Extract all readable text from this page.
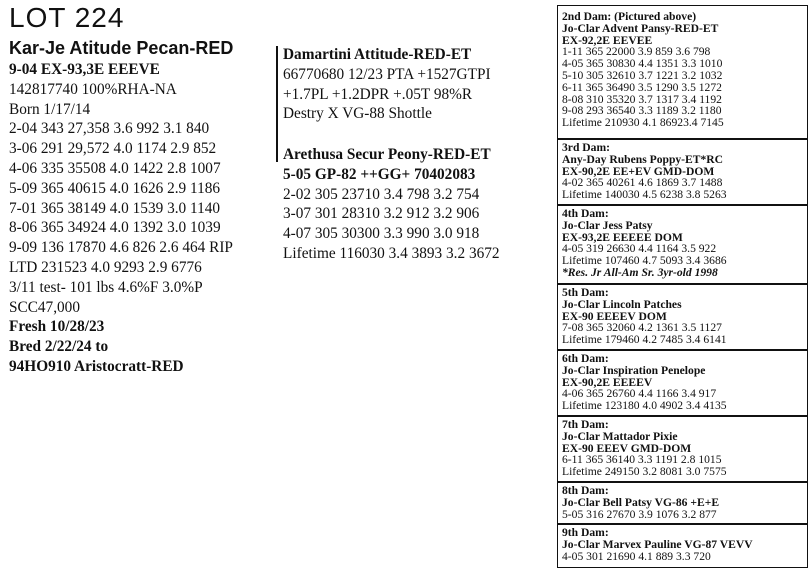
LOT 224
Kar-Je Atitude Pecan-RED
9-04 EX-93,3E EEEVE
142817740 100%RHA-NA
Born 1/17/14
2-04 343 27,358 3.6 992 3.1 840
3-06 291 29,572 4.0 1174 2.9 852
4-06 335 35508 4.0 1422 2.8 1007
5-09 365 40615 4.0 1626 2.9 1186
7-01 365 38149 4.0 1539 3.0 1140
8-06 365 34924 4.0 1392 3.0 1039
9-09 136 17870 4.6 826 2.6 464 RIP
LTD 231523 4.0 9293 2.9 6776
3/11 test- 101 lbs 4.6%F 3.0%P
SCC47,000
Fresh 10/28/23
Bred 2/22/24 to
94HO910 Aristocratt-RED
Damartini Attitude-RED-ET
66770680 12/23 PTA +1527GTPI
+1.7PL +1.2DPR +.05T 98%R
Destry X VG-88 Shottle
Arethusa Secur Peony-RED-ET
5-05 GP-82 ++GG+ 70402083
2-02 305 23710 3.4 798 3.2 754
3-07 301 28310 3.2 912 3.2 906
4-07 305 30300 3.3 990 3.0 918
Lifetime 116030 3.4 3893 3.2 3672
2nd Dam: (Pictured above)
Jo-Clar Advent Pansy-RED-ET
EX-92,2E EEVEE
1-11 365 22000 3.9 859 3.6 798
4-05 365 30830 4.4 1351 3.3 1010
5-10 305 32610 3.7 1221 3.2 1032
6-11 365 36490 3.5 1290 3.5 1272
8-08 310 35320 3.7 1317 3.4 1192
9-08 293 36540 3.3 1189 3.2 1180
Lifetime 210930 4.1 86923.4 7145
3rd Dam:
Any-Day Rubens Poppy-ET*RC
EX-90,2E EE+EV GMD-DOM
4-02 365 40261 4.6 1869 3.7 1488
Lifetime 140030 4.5 6238 3.8 5263
4th Dam:
Jo-Clar Jess Patsy
EX-93,2E EEEEE DOM
4-05 319 26630 4.4 1164 3.5 922
Lifetime 107460 4.7 5093 3.4 3686
*Res. Jr All-Am Sr. 3yr-old 1998
5th Dam:
Jo-Clar Lincoln Patches
EX-90 EEEEV DOM
7-08 365 32060 4.2 1361 3.5 1127
Lifetime 179460 4.2 7485 3.4 6141
6th Dam:
Jo-Clar Inspiration Penelope
EX-90,2E EEEEV
4-06 365 26760 4.4 1166 3.4 917
Lifetime 123180 4.0 4902 3.4 4135
7th Dam:
Jo-Clar Mattador Pixie
EX-90 EEEV GMD-DOM
6-11 365 36140 3.3 1191 2.8 1015
Lifetime 249150 3.2 8081 3.0 7575
8th Dam:
Jo-Clar Bell Patsy VG-86 +E+E
5-05 316 27670 3.9 1076 3.2 877
9th Dam:
Jo-Clar Marvex Pauline VG-87 VEVV
4-05 301 21690 4.1 889 3.3 720
